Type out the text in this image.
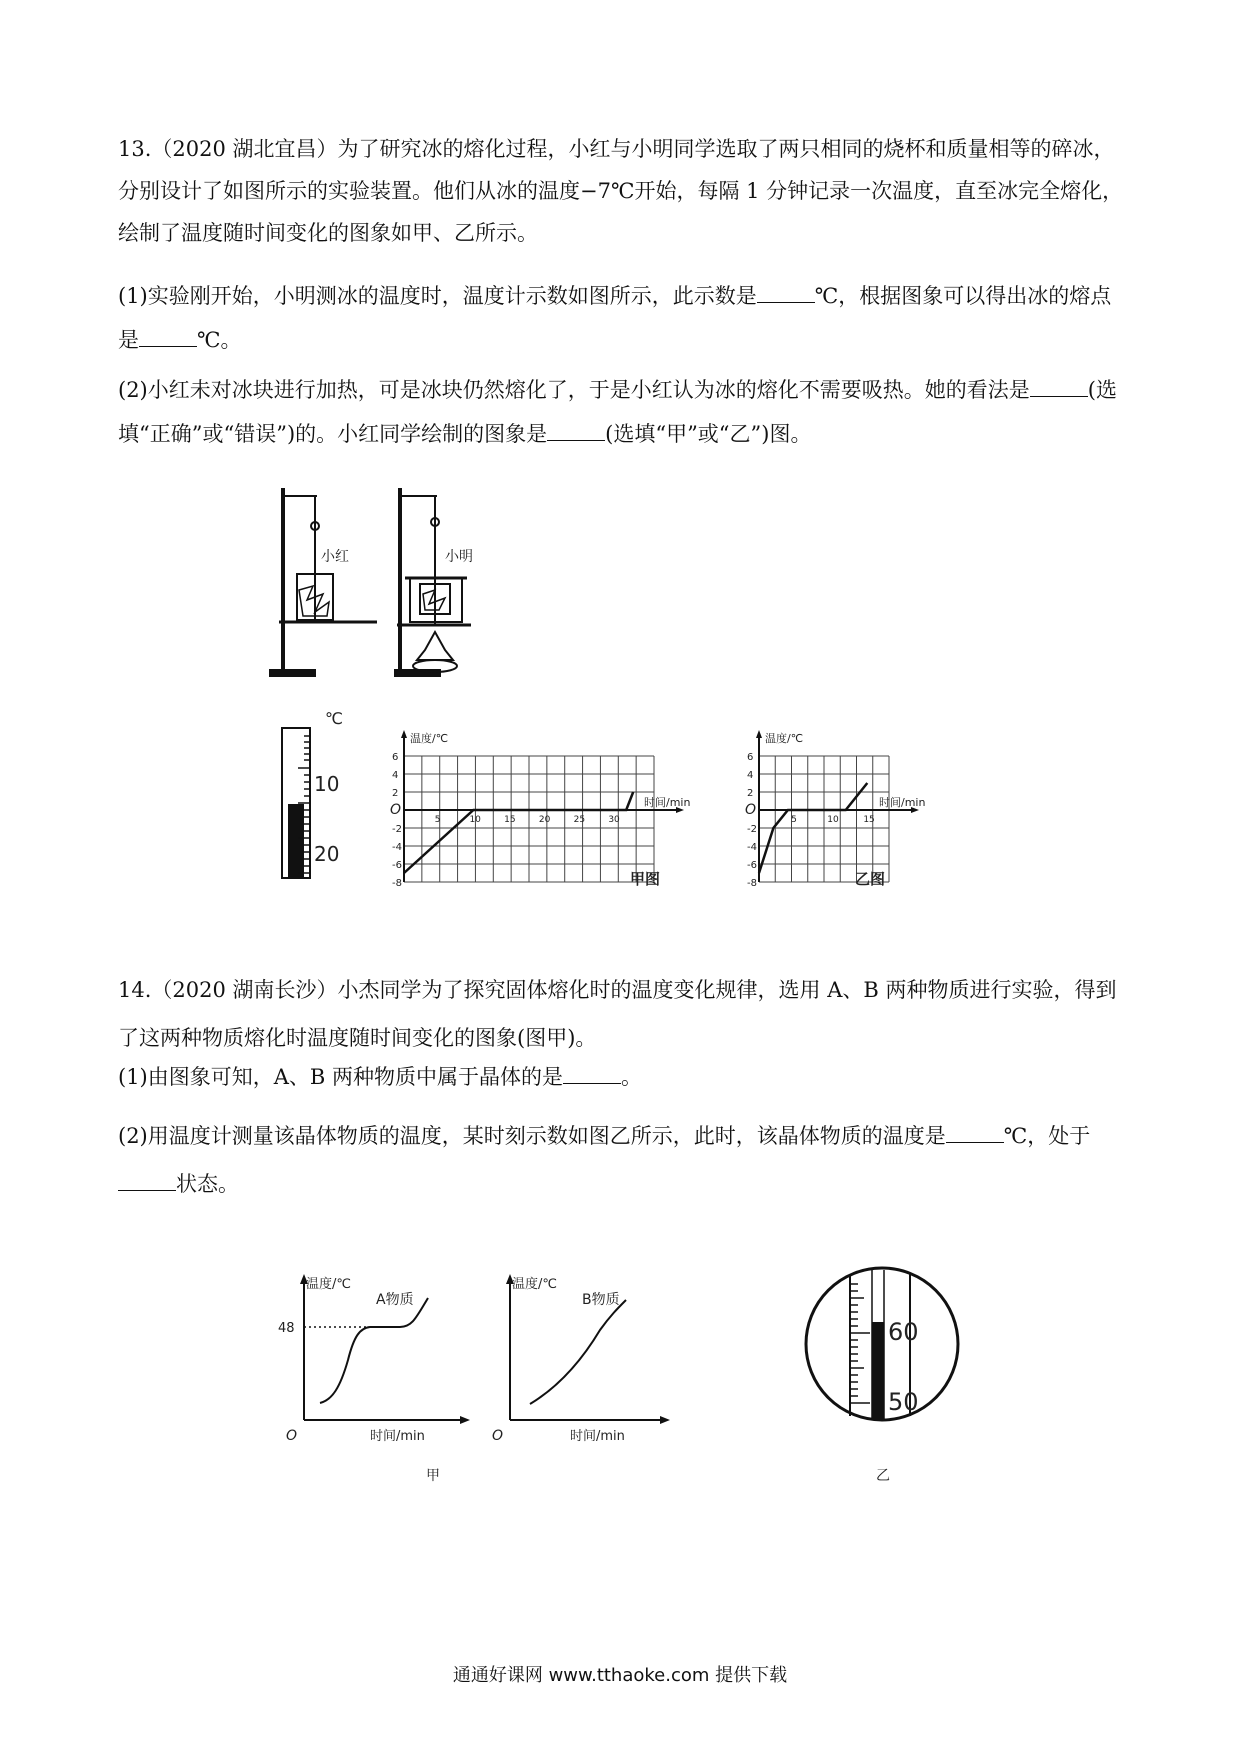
13.（2020 湖北宜昌）为了研究冰的熔化过程，小红与小明同学选取了两只相同的烧杯和质量相等的碎冰，分别设计了如图所示的实验装置。他们从冰的温度−7℃开始，每隔 1 分钟记录一次温度，直至冰完全熔化，绘制了温度随时间变化的图象如甲、乙所示。

(1)实验刚开始，小明测冰的温度时，温度计示数如图所示，此示数是	℃，根据图象可以得出冰的熔点是	℃。

(2)小红未对冰块进行加热，可是冰块仍然熔化了，于是小红认为冰的熔化不需要吸热。她的看法是	(选填“正确”或“错误”)的。小红同学绘制的图象是	(选填“甲”或“乙”)图。

小红	小明
℃
10
20
6
4
2
-2
-4
-6
-8
O
5	10	15	20	25	30
温度/℃
时间/min
甲图
6
4
2
-2
-4
-6
-8
O
5	10	15
温度/℃
时间/min
乙图

14.（2020 湖南长沙）小杰同学为了探究固体熔化时的温度变化规律，选用 A、B 两种物质进行实验，得到了这两种物质熔化时温度随时间变化的图象(图甲)。

(1)由图象可知，A、B 两种物质中属于晶体的是	。

(2)用温度计测量该晶体物质的温度，某时刻示数如图乙所示，此时，该晶体物质的温度是	℃，处于
状态。

温度/℃
时间/min
O
48
A物质
甲
温度/℃
时间/min
O
B物质
60
50
乙
通通好课网 www.tthaoke.com 提供下载
